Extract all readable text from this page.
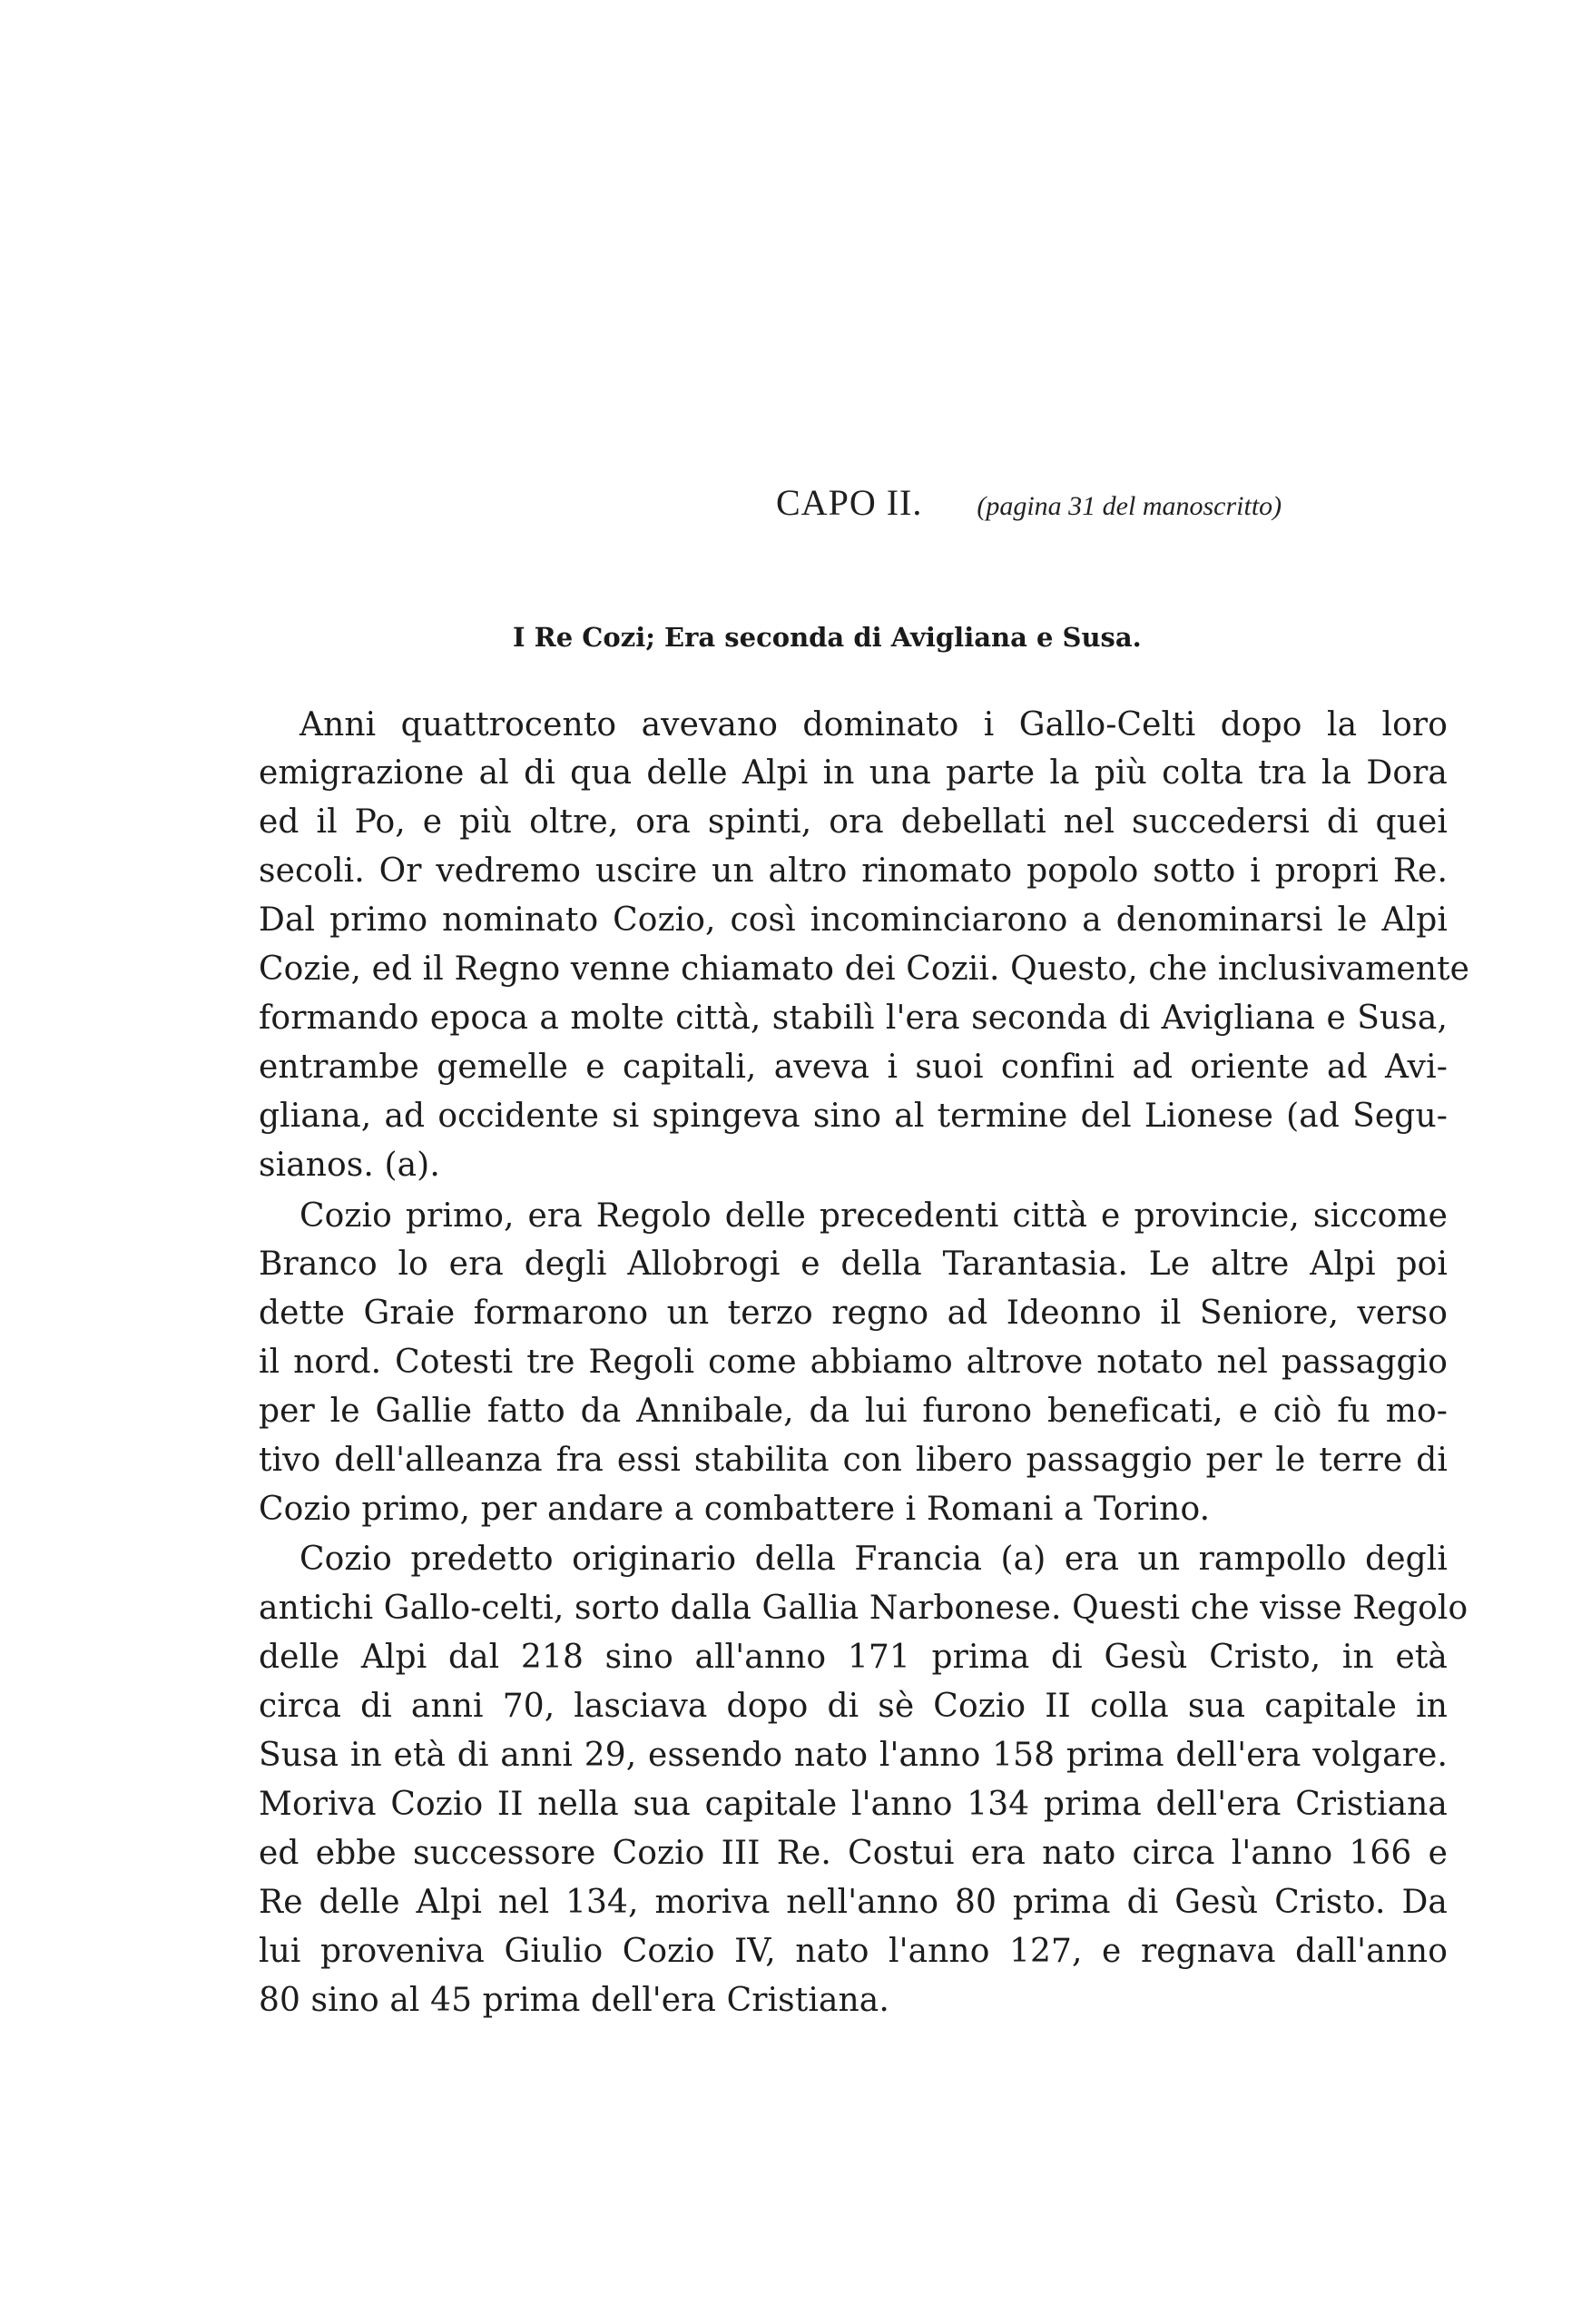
CAPO II. (pagina 31 del manoscritto)
I Re Cozi; Era seconda di Avigliana e Susa.
Anni quattrocento avevano dominato i Gallo-Celti dopo la loro
emigrazione al di qua delle Alpi in una parte la più colta tra la Dora
ed il Po, e più oltre, ora spinti, ora debellati nel succedersi di quei
secoli. Or vedremo uscire un altro rinomato popolo sotto i propri Re.
Dal primo nominato Cozio, così incominciarono a denominarsi le Alpi
Cozie, ed il Regno venne chiamato dei Cozii. Questo, che inclusivamente
formando epoca a molte città, stabilì l'era seconda di Avigliana e Susa,
entrambe gemelle e capitali, aveva i suoi confini ad oriente ad Avi-
gliana, ad occidente si spingeva sino al termine del Lionese (ad Segu-
sianos. (a).
Cozio primo, era Regolo delle precedenti città e provincie, siccome
Branco lo era degli Allobrogi e della Tarantasia. Le altre Alpi poi
dette Graie formarono un terzo regno ad Ideonno il Seniore, verso
il nord. Cotesti tre Regoli come abbiamo altrove notato nel passaggio
per le Gallie fatto da Annibale, da lui furono beneficati, e ciò fu mo-
tivo dell'alleanza fra essi stabilita con libero passaggio per le terre di
Cozio primo, per andare a combattere i Romani a Torino.
Cozio predetto originario della Francia (a) era un rampollo degli
antichi Gallo-celti, sorto dalla Gallia Narbonese. Questi che visse Regolo
delle Alpi dal 218 sino all'anno 171 prima di Gesù Cristo, in età
circa di anni 70, lasciava dopo di sè Cozio II colla sua capitale in
Susa in età di anni 29, essendo nato l'anno 158 prima dell'era volgare.
Moriva Cozio II nella sua capitale l'anno 134 prima dell'era Cristiana
ed ebbe successore Cozio III Re. Costui era nato circa l'anno 166 e
Re delle Alpi nel 134, moriva nell'anno 80 prima di Gesù Cristo. Da
lui proveniva Giulio Cozio IV, nato l'anno 127, e regnava dall'anno
80 sino al 45 prima dell'era Cristiana.
